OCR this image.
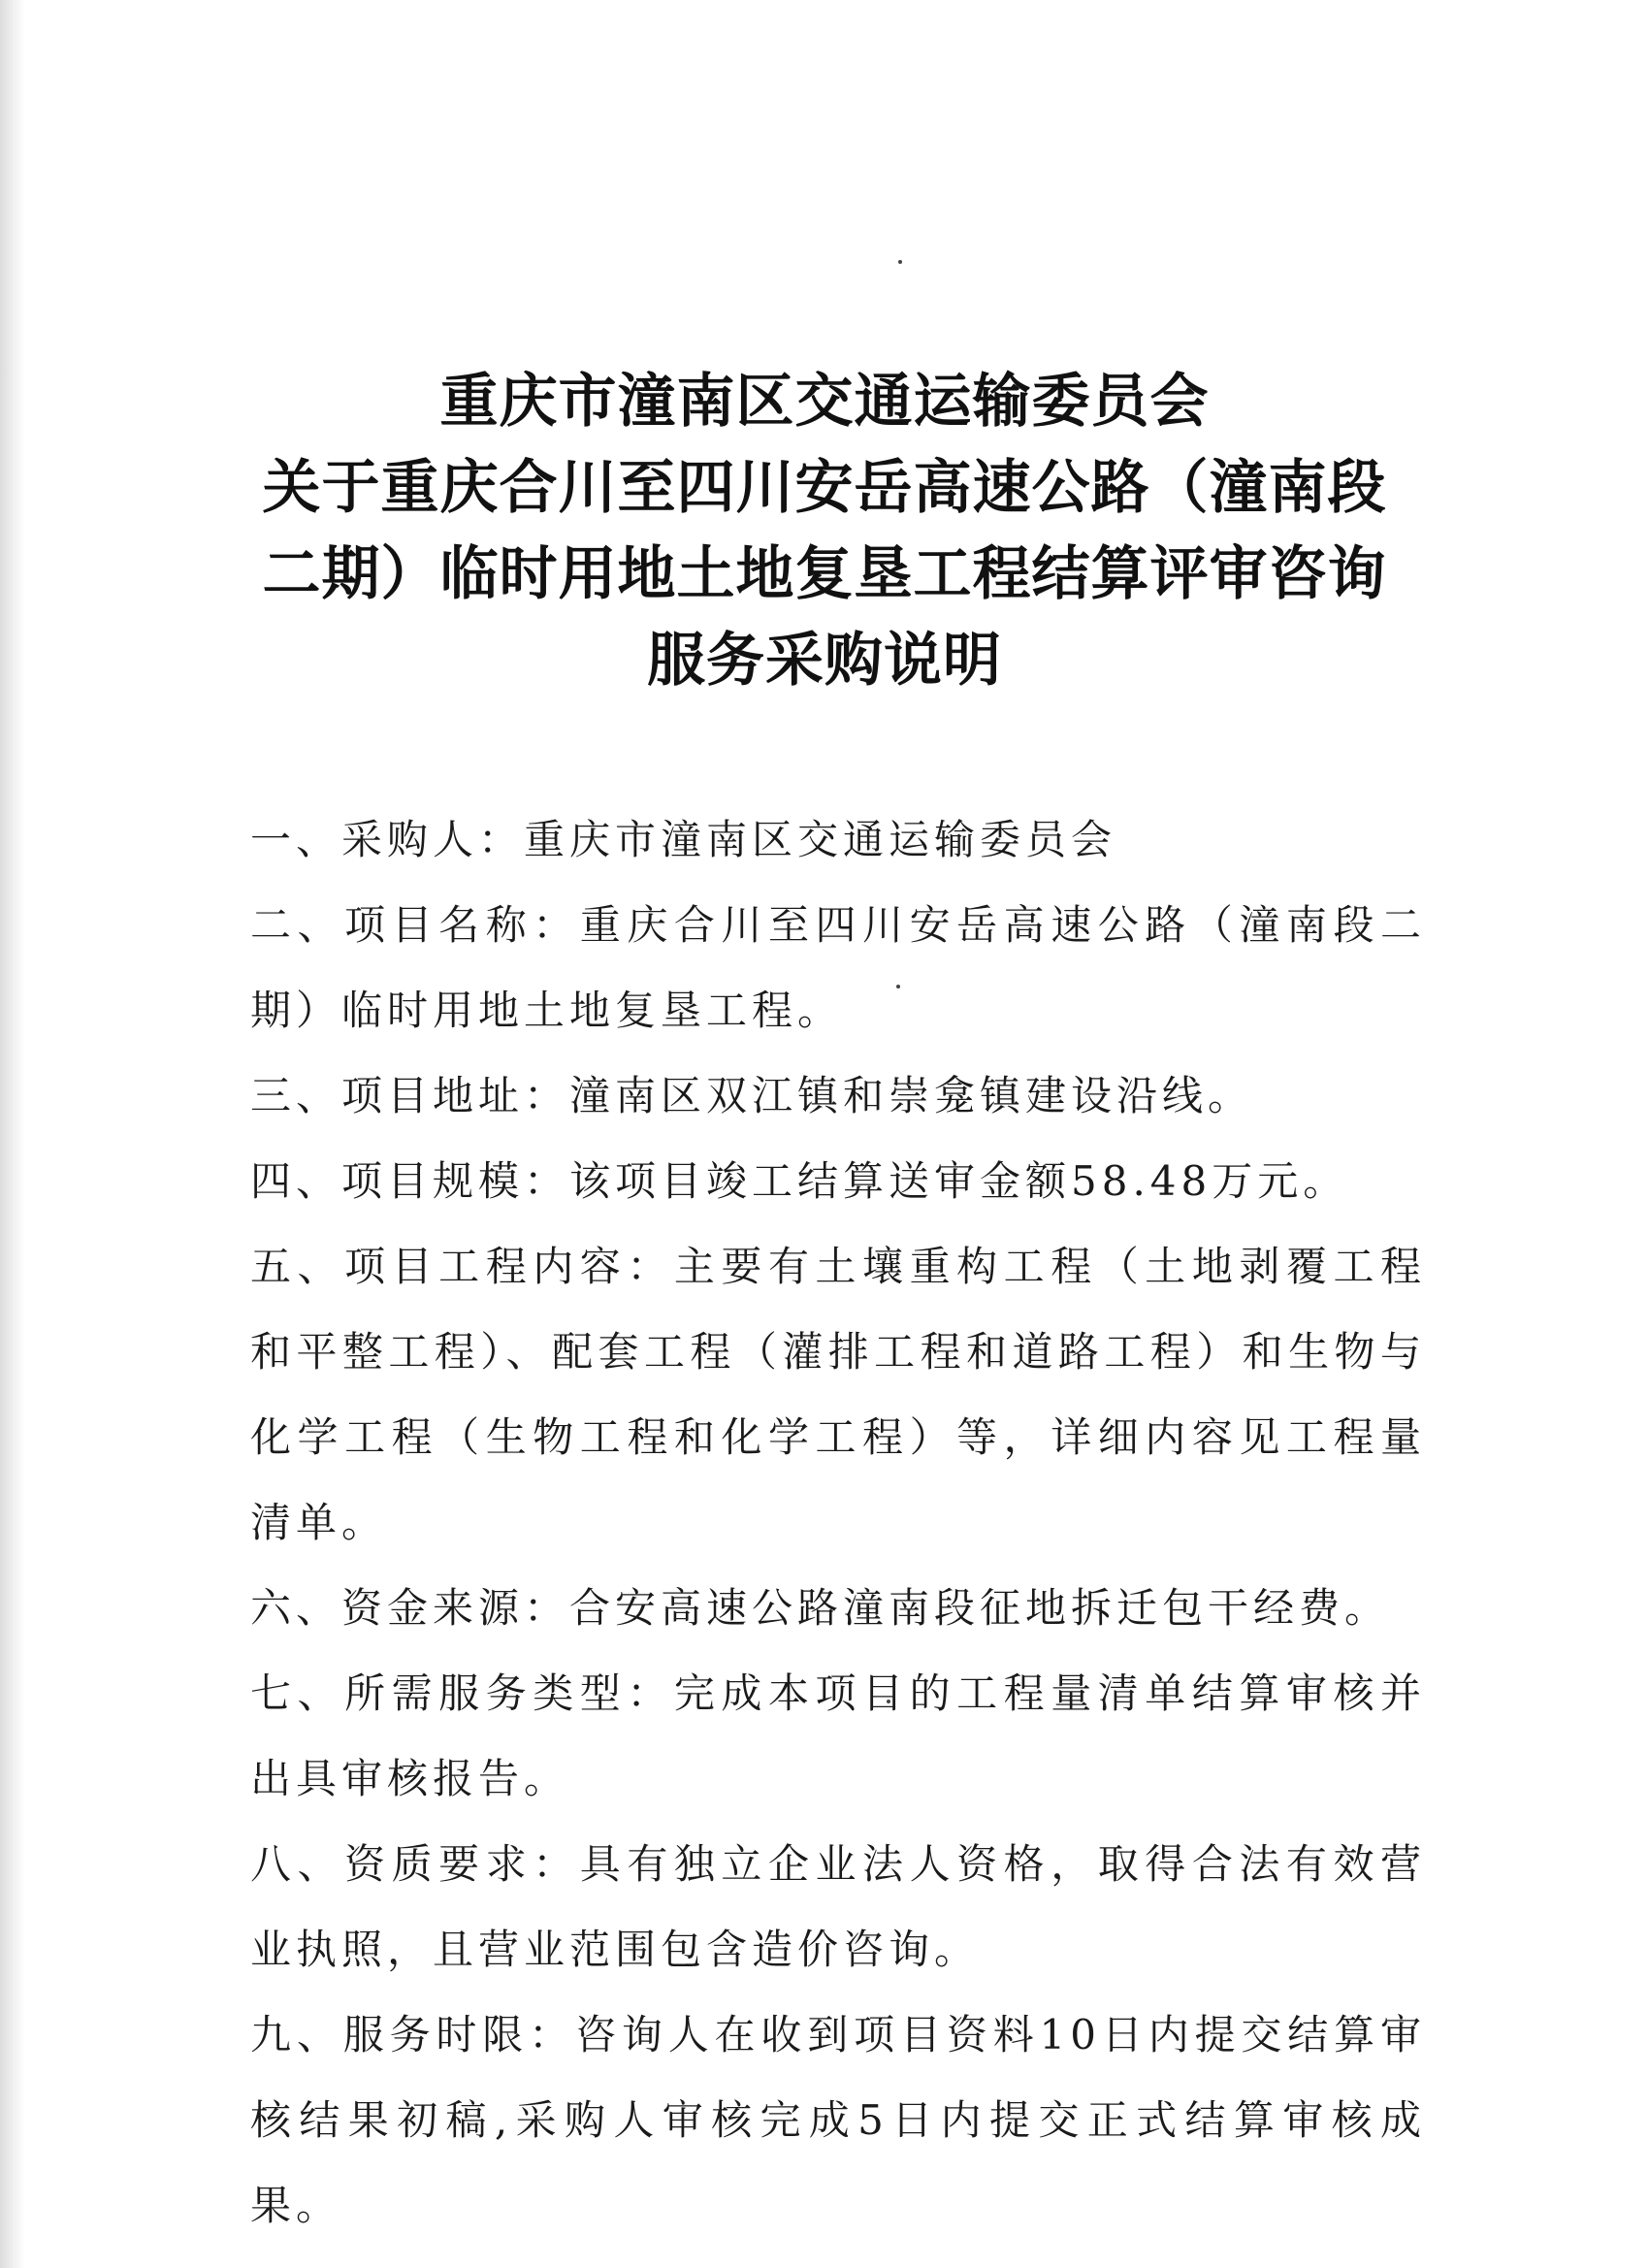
重庆市潼南区交通运输委员会
关于重庆合川至四川安岳高速公路（潼南段
二期）临时用地土地复垦工程结算评审咨询
服务采购说明

一、采购人：重庆市潼南区交通运输委员会

二、项目名称：重庆合川至四川安岳高速公路（潼南段二期）临时用地土地复垦工程。

三、项目地址：潼南区双江镇和崇龛镇建设沿线。

四、项目规模：该项目竣工结算送审金额58.48万元。

五、项目工程内容：主要有土壤重构工程（土地剥覆工程和平整工程）、配套工程（灌排工程和道路工程）和生物与化学工程（生物工程和化学工程）等，详细内容见工程量清单。

六、资金来源：合安高速公路潼南段征地拆迁包干经费。

七、所需服务类型：完成本项目的工程量清单结算审核并出具审核报告。

八、资质要求：具有独立企业法人资格，取得合法有效营业执照，且营业范围包含造价咨询。

九、服务时限：咨询人在收到项目资料10日内提交结算审核结果初稿,采购人审核完成5日内提交正式结算审核成果。
